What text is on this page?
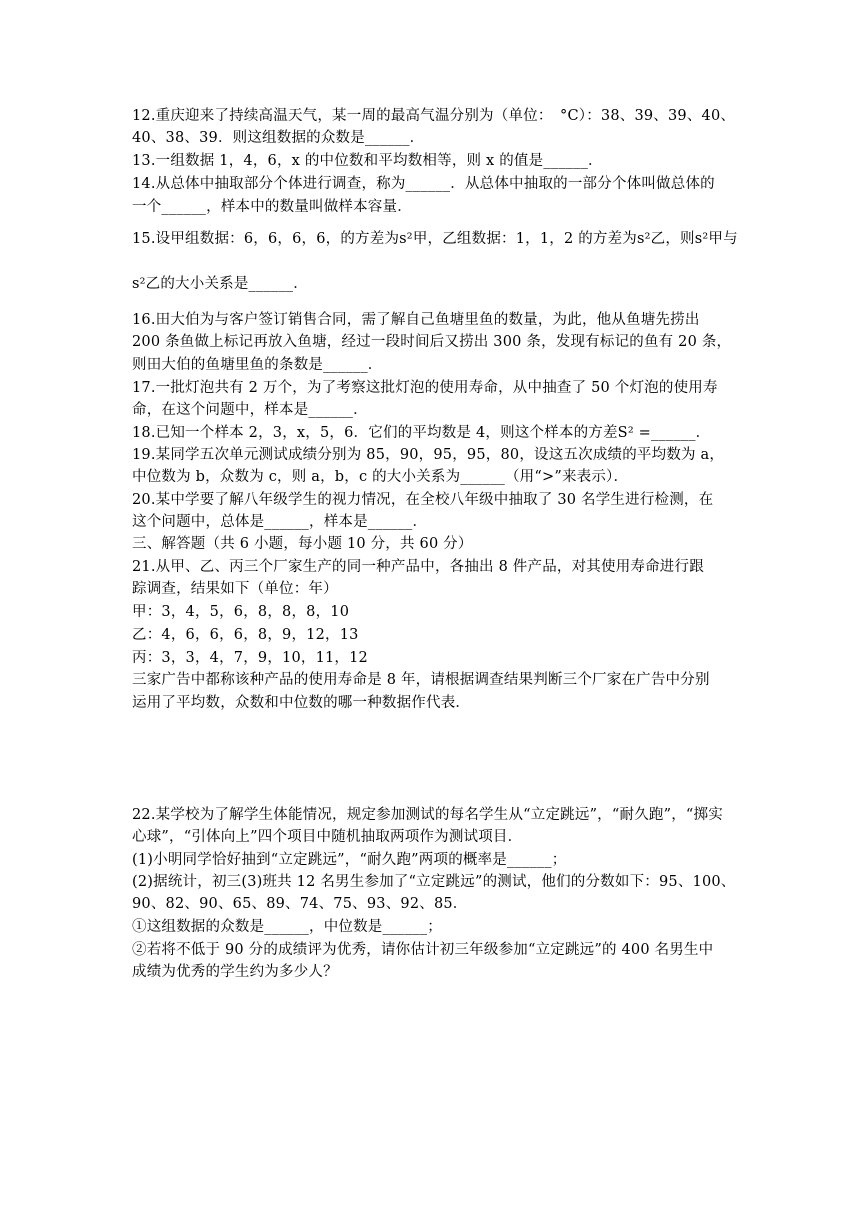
12.重庆迎来了持续高温天气，某一周的最高气温分别为（单位：　°C）：38、39、39、40、
40、38、39．则这组数据的众数是______．
13.一组数据 1，4，6，x 的中位数和平均数相等，则 x 的值是______．
14.从总体中抽取部分个体进行调查，称为______．从总体中抽取的一部分个体叫做总体的
一个______，样本中的数量叫做样本容量．
15.设甲组数据：6，6，6，6，的方差为s²甲，乙组数据：1，1，2 的方差为s²乙，则s²甲与
s²乙的大小关系是______．
16.田大伯为与客户签订销售合同，需了解自己鱼塘里鱼的数量，为此，他从鱼塘先捞出
200 条鱼做上标记再放入鱼塘，经过一段时间后又捞出 300 条，发现有标记的鱼有 20 条，
则田大伯的鱼塘里鱼的条数是______．
17.一批灯泡共有 2 万个，为了考察这批灯泡的使用寿命，从中抽查了 50 个灯泡的使用寿
命，在这个问题中，样本是______．
18.已知一个样本 2，3，x，5，6．它们的平均数是 4，则这个样本的方差S² =______．
19.某同学五次单元测试成绩分别为 85，90，95，95，80，设这五次成绩的平均数为 a，
中位数为 b，众数为 c，则 a，b，c 的大小关系为______（用“>”来表示）．
20.某中学要了解八年级学生的视力情况，在全校八年级中抽取了 30 名学生进行检测，在
这个问题中，总体是______，样本是______．
三、解答题（共 6 小题，每小题 10 分，共 60 分）
21.从甲、乙、丙三个厂家生产的同一种产品中，各抽出 8 件产品，对其使用寿命进行跟
踪调查，结果如下（单位：年）
甲：3，4，5，6，8，8，8，10
乙：4，6，6，6，8，9，12，13
丙：3，3，4，7，9，10，11，12
三家广告中都称该种产品的使用寿命是 8 年，请根据调查结果判断三个厂家在广告中分别
运用了平均数，众数和中位数的哪一种数据作代表．
22.某学校为了解学生体能情况，规定参加测试的每名学生从“立定跳远”，“耐久跑”，“掷实
心球”，“引体向上”四个项目中随机抽取两项作为测试项目．
(1)小明同学恰好抽到“立定跳远”，“耐久跑”两项的概率是______；
(2)据统计，初三(3)班共 12 名男生参加了“立定跳远”的测试，他们的分数如下：95、100、
90、82、90、65、89、74、75、93、92、85．
①这组数据的众数是______，中位数是______；
②若将不低于 90 分的成绩评为优秀，请你估计初三年级参加“立定跳远”的 400 名男生中
成绩为优秀的学生约为多少人？
